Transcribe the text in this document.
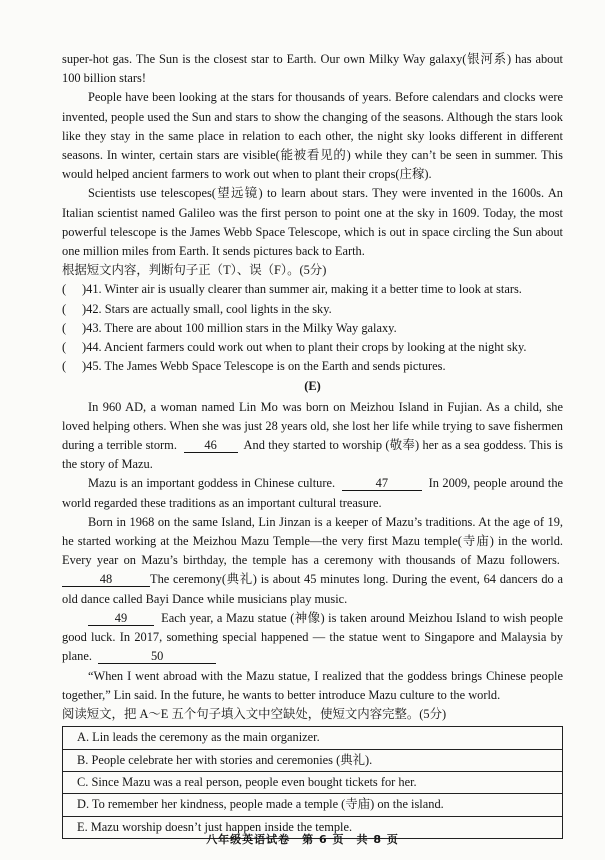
super-hot gas. The Sun is the closest star to Earth. Our own Milky Way galaxy(银河系) has about 100 billion stars!

People have been looking at the stars for thousands of years. Before calendars and clocks were invented, people used the Sun and stars to show the changing of the seasons. Although the stars look like they stay in the same place in relation to each other, the night sky looks different in different seasons. In winter, certain stars are visible(能被看见的) while they can’t be seen in summer. This would helped ancient farmers to work out when to plant their crops(庄稼).

Scientists use telescopes(望远镜) to learn about stars. They were invented in the 1600s. An Italian scientist named Galileo was the first person to point one at the sky in 1609. Today, the most powerful telescope is the James Webb Space Telescope, which is out in space circling the Sun about one million miles from Earth. It sends pictures back to Earth.

根据短文内容，判断句子正（T）、误（F）。(5分)

(	)41. Winter air is usually clearer than summer air, making it a better time to look at stars.
(	)42. Stars are actually small, cool lights in the sky.
(	)43. There are about 100 million stars in the Milky Way galaxy.
(	)44. Ancient farmers could work out when to plant their crops by looking at the night sky.
(	)45. The James Webb Space Telescope is on the Earth and sends pictures.
(E)

In 960 AD, a woman named Lin Mo was born on Meizhou Island in Fujian. As a child, she loved helping others. When she was just 28 years old, she lost her life while trying to save fishermen during a terrible storm. 46 And they started to worship (敬奉) her as a sea goddess. This is the story of Mazu.

Mazu is an important goddess in Chinese culture.	47	In 2009, people around the world regarded these traditions as an important cultural treasure.

Born in 1968 on the same Island, Lin Jinzan is a keeper of Mazu’s traditions. At the age of 19, he started working at the Meizhou Mazu Temple—the very first Mazu temple(寺庙) in the world. Every year on Mazu’s birthday, the temple has a ceremony with thousands of Mazu followers.  48	The ceremony(典礼) is about 45 minutes long. During the event, 64 dancers do a old dance called Bayi Dance while musicians play music.

49	Each year, a Mazu statue (神像) is taken around Meizhou Island to wish people good luck. In 2017, something special happened — the statue went to Singapore and Malaysia by plane.	50

“When I went abroad with the Mazu statue, I realized that the goddess brings Chinese people together,” Lin said. In the future, he wants to better introduce Mazu culture to the world.

阅读短文，把 A～E 五个句子填入文中空缺处，使短文内容完整。(5分)

A. Lin leads the ceremony as the main organizer.
B. People celebrate her with stories and ceremonies (典礼).
C. Since Mazu was a real person, people even bought tickets for her.
D. To remember her kindness, people made a temple (寺庙) on the island.
E. Mazu worship doesn’t just happen inside the temple.
八年级英语试卷　第 6 页　共 8 页
